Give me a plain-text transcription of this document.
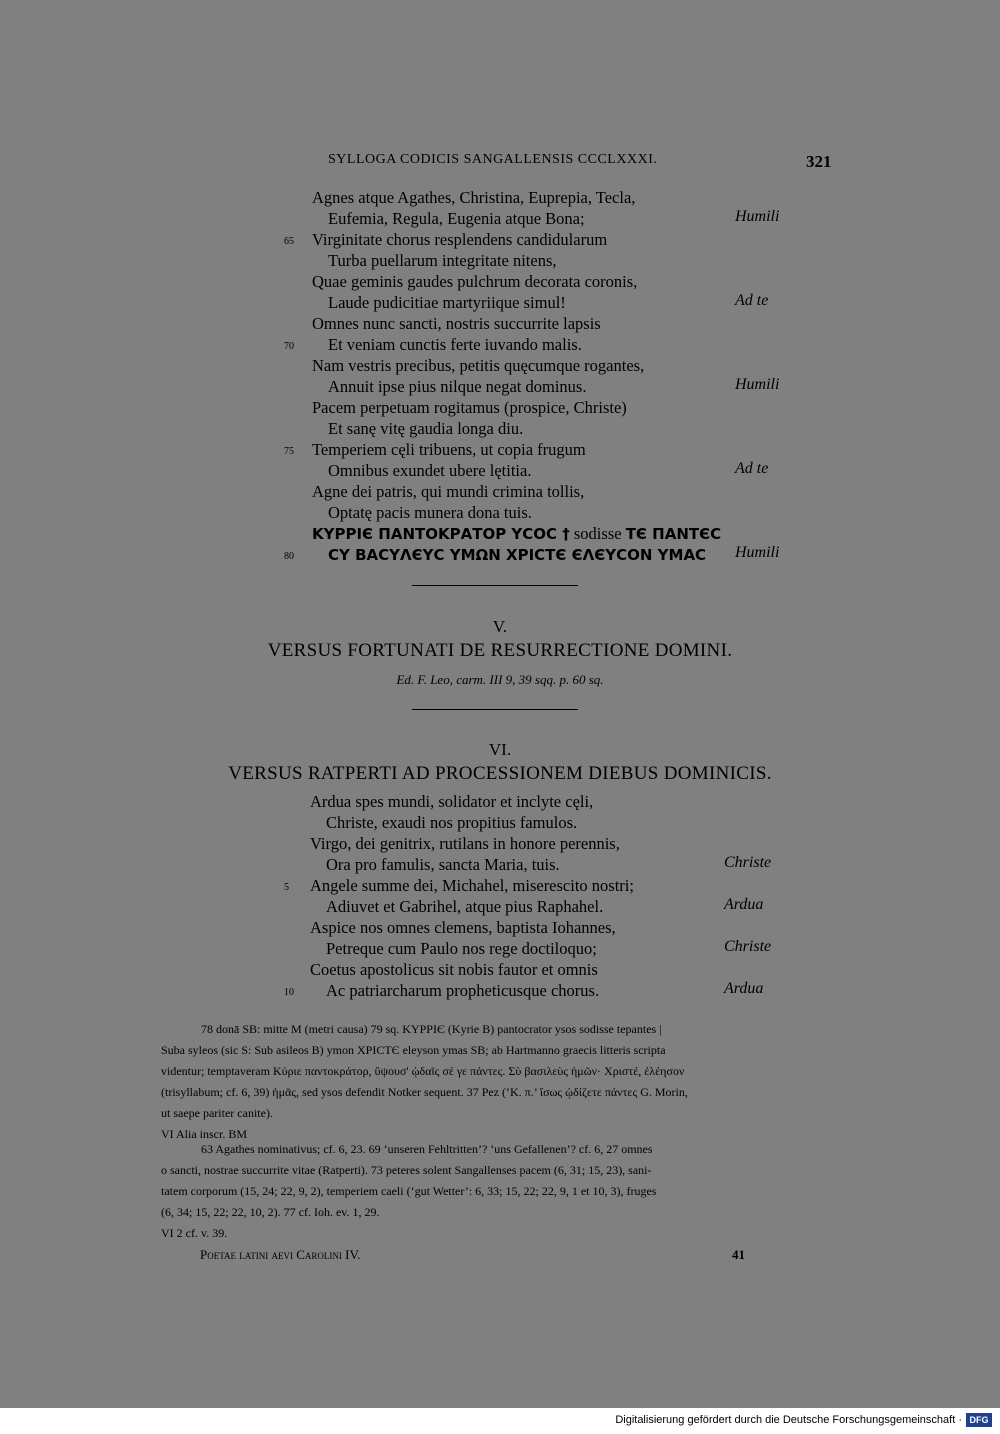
SYLLOGA CODICIS SANGALLENSIS CCCLXXXI.	321
Agnes atque Agathes, Christina, Euprepia, Tecla,
Eufemia, Regula, Eugenia atque Bona;	Humili
Virginitate chorus resplendens candidularum
65
Turba puellarum integritate nitens,
Quae geminis gaudes pulchrum decorata coronis,
Laude pudicitiae martyriique simul!	Ad te
Omnes nunc sancti, nostris succurrite lapsis
Et veniam cunctis ferte iuvando malis.
70
Nam vestris precibus, petitis quęcumque rogantes,
Annuit ipse pius nilque negat dominus.	Humili
Pacem perpetuam rogitamus (prospice, Christe)
Et sanę vitę gaudia longa diu.
Temperiem cęli tribuens, ut copia frugum
75
Omnibus exundet ubere lętitia.	Ad te
Agne dei patris, qui mundi crimina tollis,
Optatę pacis munera dona tuis.
ΚΥΡΡΙЄ ΠΑΝΤΟΚΡΑΤΟΡ ΥϹΟϹ † sodisse ΤЄ ΠΑΝΤЄϹ
80 ϹΥ ΒΑϹΥΛЄΥϹ ΥΜΩΝ ΧΡΙϹΤЄ ЄΛЄΥϹΟΝ ΥΜΑϹ Humili
V.
VERSUS FORTUNATI DE RESURRECTIONE DOMINI.
Ed. F. Leo, carm. III 9, 39 sqq. p. 60 sq.
VI.
VERSUS RATPERTI AD PROCESSIONEM DIEBUS DOMINICIS.
Ardua spes mundi, solidator et inclyte cęli,
Christe, exaudi nos propitius famulos.
Virgo, dei genitrix, rutilans in honore perennis,
Ora pro famulis, sancta Maria, tuis.	Christe
Angele summe dei, Michahel, miserescito nostri;
5
Adiuvet et Gabrihel, atque pius Raphahel.	Ardua
Aspice nos omnes clemens, baptista Iohannes,
Petreque cum Paulo nos rege doctiloquo;	Christe
Coetus apostolicus sit nobis fautor et omnis
Ac patriarcharum propheticusque chorus.
10	Ardua
78 donā SB: mitte M (metri causa) 79 sq. ΚΥΡΡΙЄ (Kyrie B) pantocrator ysos sodisse tepantes |
Suba syleos (sic S: Sub asileos B) ymon ΧΡΙϹΤЄ eleyson ymas SB; ab Hartmanno graecis litteris scripta
videntur; temptaveram Κύριε παντοκράτορ, ὕψουσ' ᾠδαῖς σέ γε πάντες. Σὺ βασιλεὺς ἡμῶν· Χριστέ, ἐλέησον
(trisyllabum; cf. 6, 39) ἡμᾶς, sed ysos defendit Notker sequent. 37 Pez (‛Κ. π.’ ἴσως ᾠδίζετε πάντες G. Morin,
ut saepe pariter canite).
VI Alia inscr. BM
63 Agathes nominativus; cf. 6, 23. 69 ‘unseren Fehltritten’? ‘uns Gefallenen’? cf. 6, 27 omnes
o sancti, nostrae succurrite vitae (Ratperti). 73 peteres solent Sangallenses pacem (6, 31; 15, 23), sani-
tatem corporum (15, 24; 22, 9, 2), temperiem caeli (‘gut Wetter’: 6, 33; 15, 22; 22, 9, 1 et 10, 3), fruges
(6, 34; 15, 22; 22, 10, 2). 77 cf. Ioh. ev. 1, 29.
VI 2 cf. v. 39.
Poetae latini aevi Carolini IV.	41
Digitalisierung gefördert durch die Deutsche Forschungsgemeinschaft · DFG
